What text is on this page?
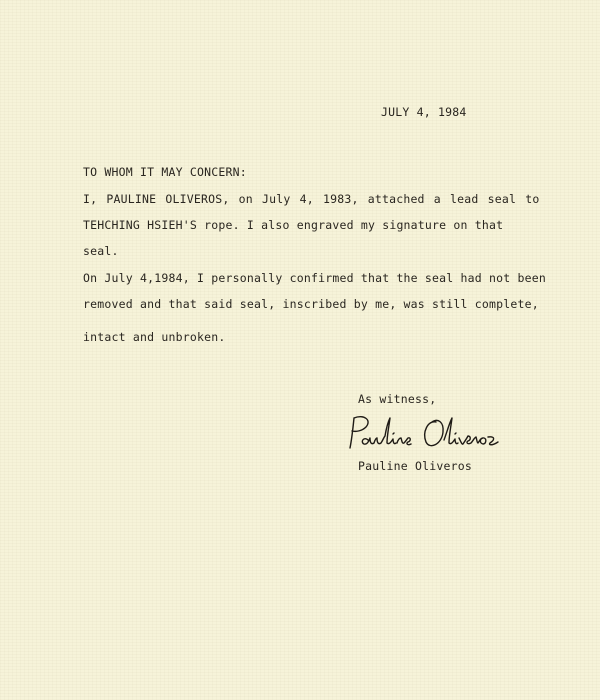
JULY 4, 1984
TO WHOM IT MAY CONCERN:
I, PAULINE OLIVEROS, on July 4, 1983, attached a lead seal to
TEHCHING HSIEH'S rope. I also engraved my signature on that
seal.
On July 4,1984, I personally confirmed that the seal had not been
removed and that said seal, inscribed by me, was still complete,
intact and unbroken.
As witness,
Pauline Oliveros
Pauline Oliveros
